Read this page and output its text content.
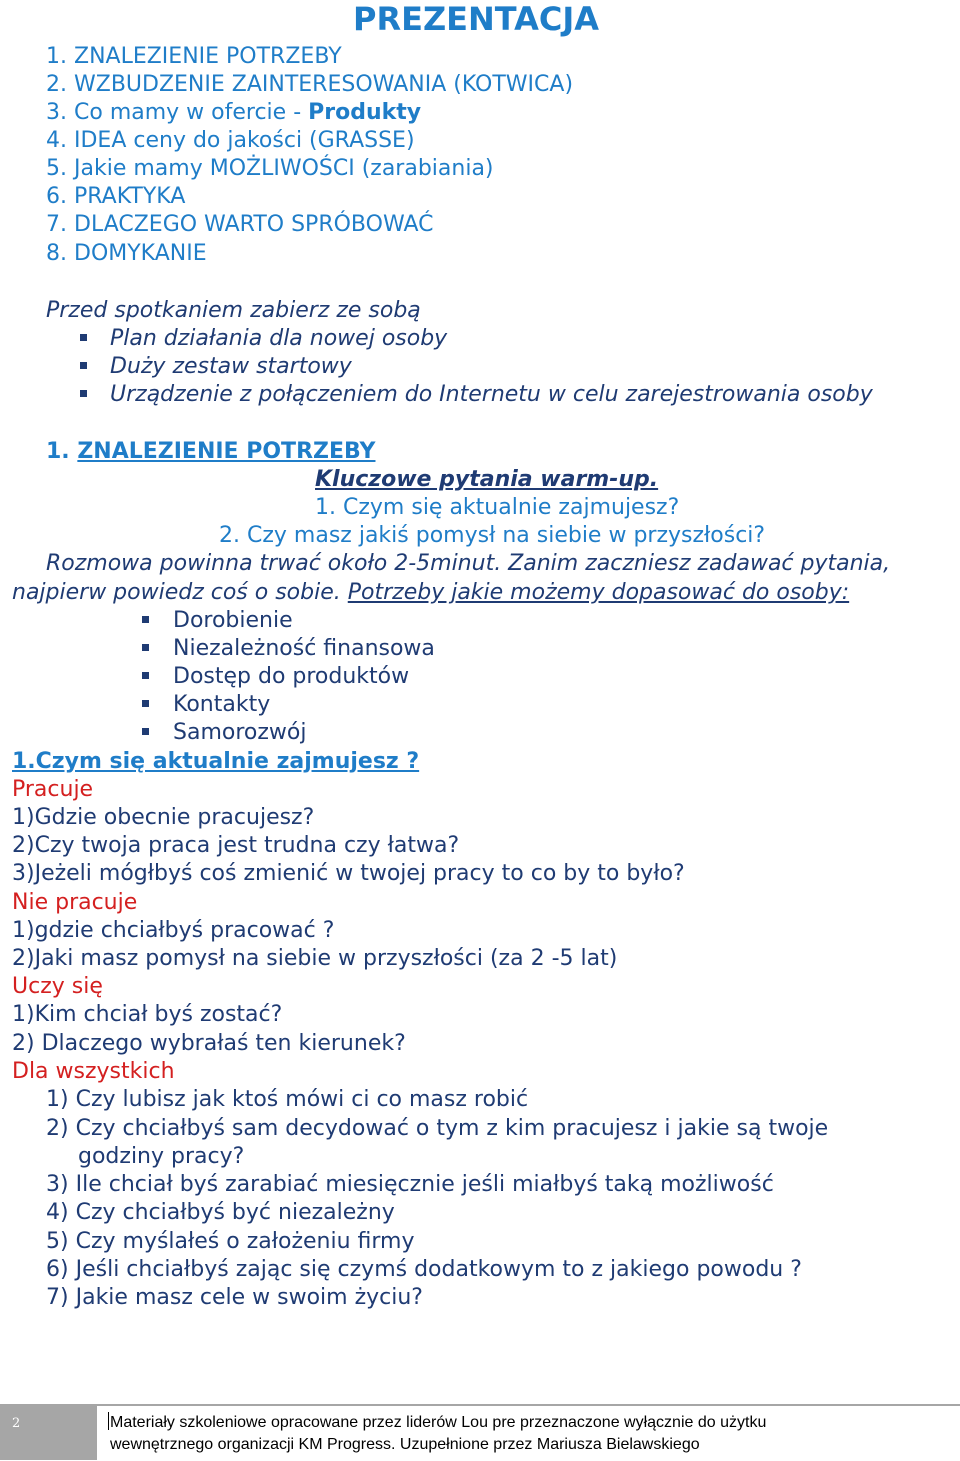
PREZENTACJA
1. ZNALEZIENIE POTRZEBY
2. WZBUDZENIE ZAINTERESOWANIA (KOTWICA)
3. Co mamy w ofercie - Produkty
4. IDEA ceny do jakości (GRASSE)
5. Jakie mamy MOŻLIWOŚCI (zarabiania)
6. PRAKTYKA
7. DLACZEGO WARTO SPRÓBOWAĆ
8. DOMYKANIE
Przed spotkaniem zabierz ze sobą
Plan działania dla nowej osoby
Duży zestaw startowy
Urządzenie z połączeniem do Internetu w celu zarejestrowania osoby
1. ZNALEZIENIE POTRZEBY
Kluczowe pytania warm-up.
1. Czym się aktualnie zajmujesz?
2. Czy masz jakiś pomysł na siebie w przyszłości?
Rozmowa powinna trwać około 2-5minut. Zanim zaczniesz zadawać pytania,
najpierw powiedz coś o sobie. Potrzeby jakie możemy dopasować do osoby:
Dorobienie
Niezależność finansowa
Dostęp do produktów
Kontakty
Samorozwój
1.Czym się aktualnie zajmujesz ?
Pracuje
1)Gdzie obecnie pracujesz?
2)Czy twoja praca jest trudna czy łatwa?
3)Jeżeli mógłbyś coś zmienić w twojej pracy to co by to było?
Nie pracuje
1)gdzie chciałbyś pracować ?
2)Jaki masz pomysł na siebie w przyszłości (za 2 -5 lat)
Uczy się
1)Kim chciał byś zostać?
2) Dlaczego wybrałaś ten kierunek?
Dla wszystkich
1) Czy lubisz jak ktoś mówi ci co masz robić
2) Czy chciałbyś sam decydować o tym z kim pracujesz i jakie są twoje
godziny pracy?
3) Ile chciał byś zarabiać miesięcznie jeśli miałbyś taką możliwość
4) Czy chciałbyś być niezależny
5) Czy myślałeś o założeniu firmy
6) Jeśli chciałbyś zając się czymś dodatkowym to z jakiego powodu ?
7) Jakie masz cele w swoim życiu?
2	Materiały szkoleniowe opracowane przez liderów Lou pre przeznaczone wyłącznie do użytku
wewnętrznego organizacji KM Progress. Uzupełnione przez Mariusza Bielawskiego
